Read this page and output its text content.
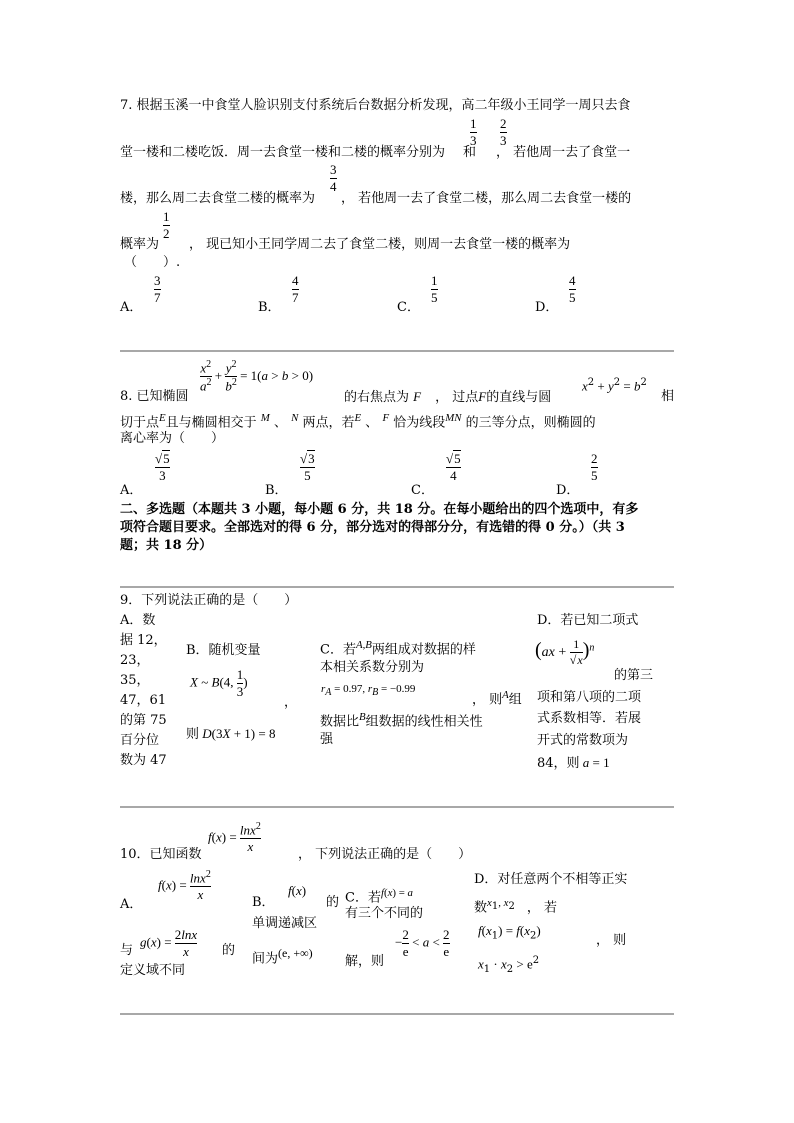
7. 根据玉溪一中食堂人脸识别支付系统后台数据分析发现，高二年级小王同学一周只去食
1
3
2
3
堂一楼和二楼吃饭．周一去食堂一楼和二楼的概率分别为 和 ， 若他周一去了食堂一
3
4
楼，那么周二去食堂二楼的概率为 ， 若他周一去了食堂二楼，那么周二去食堂一楼的
1
2
概率为 ， 现已知小王同学周二去了食堂二楼，则周一去食堂一楼的概率为
（　　）.
A．
3
7
B．
4
7
C．
1
5
D．
4
5
$\frac{x^2}{a^2} + \frac{y^2}{b^2} = 1(a > b > 0)$
8. 已知椭圆	的右焦点为 F ， 过点F的直线与圆
$x^2 + y^2 = b^2$
相
切于点$^E$且与椭圆相交于 $^M$ 、 $^N$ 两点，若$^E$ 、 $^F$ 恰为线段$^{MN}$ 的三等分点，则椭圆的
离心率为（　　）
A．
√5
3
B．
√3
5
C．
√5
4
D．
2
5
二、多选题（本题共 3 小题，每小题 6 分，共 18 分。在每小题给出的四个选项中，有多
项符合题目要求。全部选对的得 6 分，部分选对的得部分分，有选错的得 0 分。）（共 3
题；共 18 分）
9．下列说法正确的是（　　）
A．数
据 12，
23，
35，
47，61
的第 75
百分位
数为 47
B．随机变量
X ~ B(4, $\frac{1}{3}$ )
，
则 D(3X + 1) = 8
C．若$^{A,B}$两组成对数据的样
本相关系数分别为
$r_A = 0.97$, $r_B = -0.99$
， 则$^A$组
数据比$^B$组数据的线性相关性
强
D．若已知二项式
$(ax + \frac{1}{√x} )^n$
的第三
项和第八项的二项
式系数相等．若展
开式的常数项为
84，则 a = 1
$f(x) = \frac{\ln x^2}{x}$
10．已知函数	， 下列说法正确的是（　　）
$f(x) = \frac{\ln x^2}{x}$
A．
$g(x) = \frac{2\ln x}{x}$
与	的
定义域不同
f(x)
B．	的
单调递减区
间为$^{(e, +\infty)}$
C．若$^{f(x) = a}$
有三个不同的
− $\frac{2}{e} < a < \frac{2}{e}$
解，则
D．对任意两个不相等正实
数$^{x_1, x_2}$ ， 若
$f(x_1) = f(x_2)$
， 则
$x_1 \cdot x_2 > e^2$
